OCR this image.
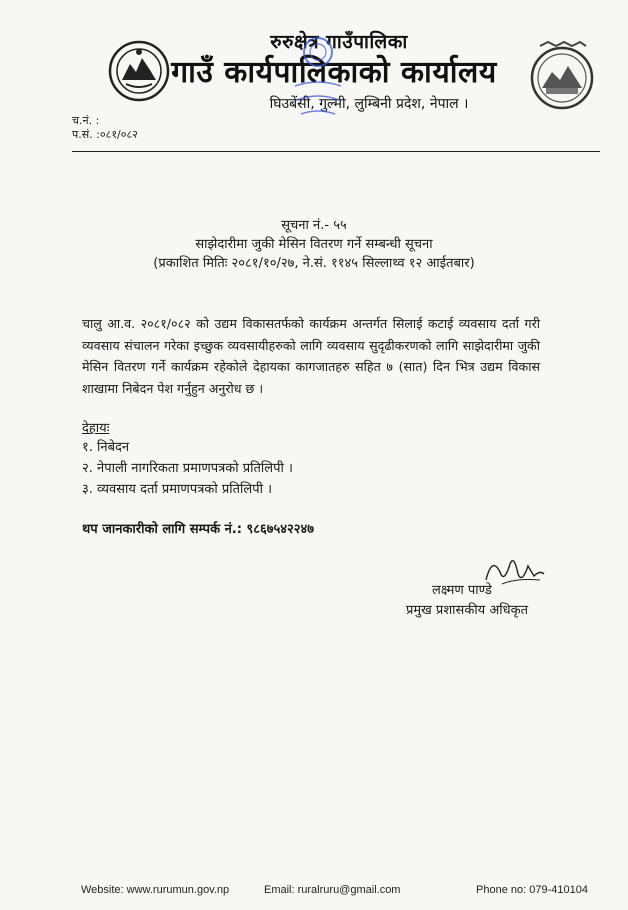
रुरुक्षेत्र गाउँपालिका
गाउँ कार्यपालिकाको कार्यालय
घिउबेंसी, गुल्मी, लुम्बिनी प्रदेश, नेपाल ।
च.नं. :
प.सं. :०८१/०८२
सूचना नं.- ५५
साझेदारीमा जुकी मेसिन वितरण गर्ने सम्बन्धी सूचना
(प्रकाशित मितिः २०८१/१०/२७, ने.सं. ११४५ सिल्लाथ्व १२ आईतबार)
चालु आ.व. २०८१/०८२ को उद्यम विकासतर्फको कार्यक्रम अन्तर्गत सिलाई कटाई व्यवसाय दर्ता गरी व्यवसाय संचालन गरेका इच्छुक व्यवसायीहरुको लागि व्यवसाय सुदृढीकरणको लागि साझेदारीमा जुकी मेसिन वितरण गर्ने कार्यक्रम रहेकोले देहायका कागजातहरु सहित ७ (सात) दिन भित्र उद्यम विकास शाखामा निबेदन पेश गर्नुहुन अनुरोध छ ।
देहायः
१. निबेदन
२. नेपाली नागरिकता प्रमाणपत्रको प्रतिलिपी ।
३. व्यवसाय दर्ता प्रमाणपत्रको प्रतिलिपी ।
थप जानकारीको लागि सम्पर्क नं.: ९८६७५४२२४७
लक्ष्मण पाण्डे
प्रमुख प्रशासकीय अधिकृत
Website: www.rurumun.gov.np	Email: ruralruru@gmail.com	Phone no: 079-410104
